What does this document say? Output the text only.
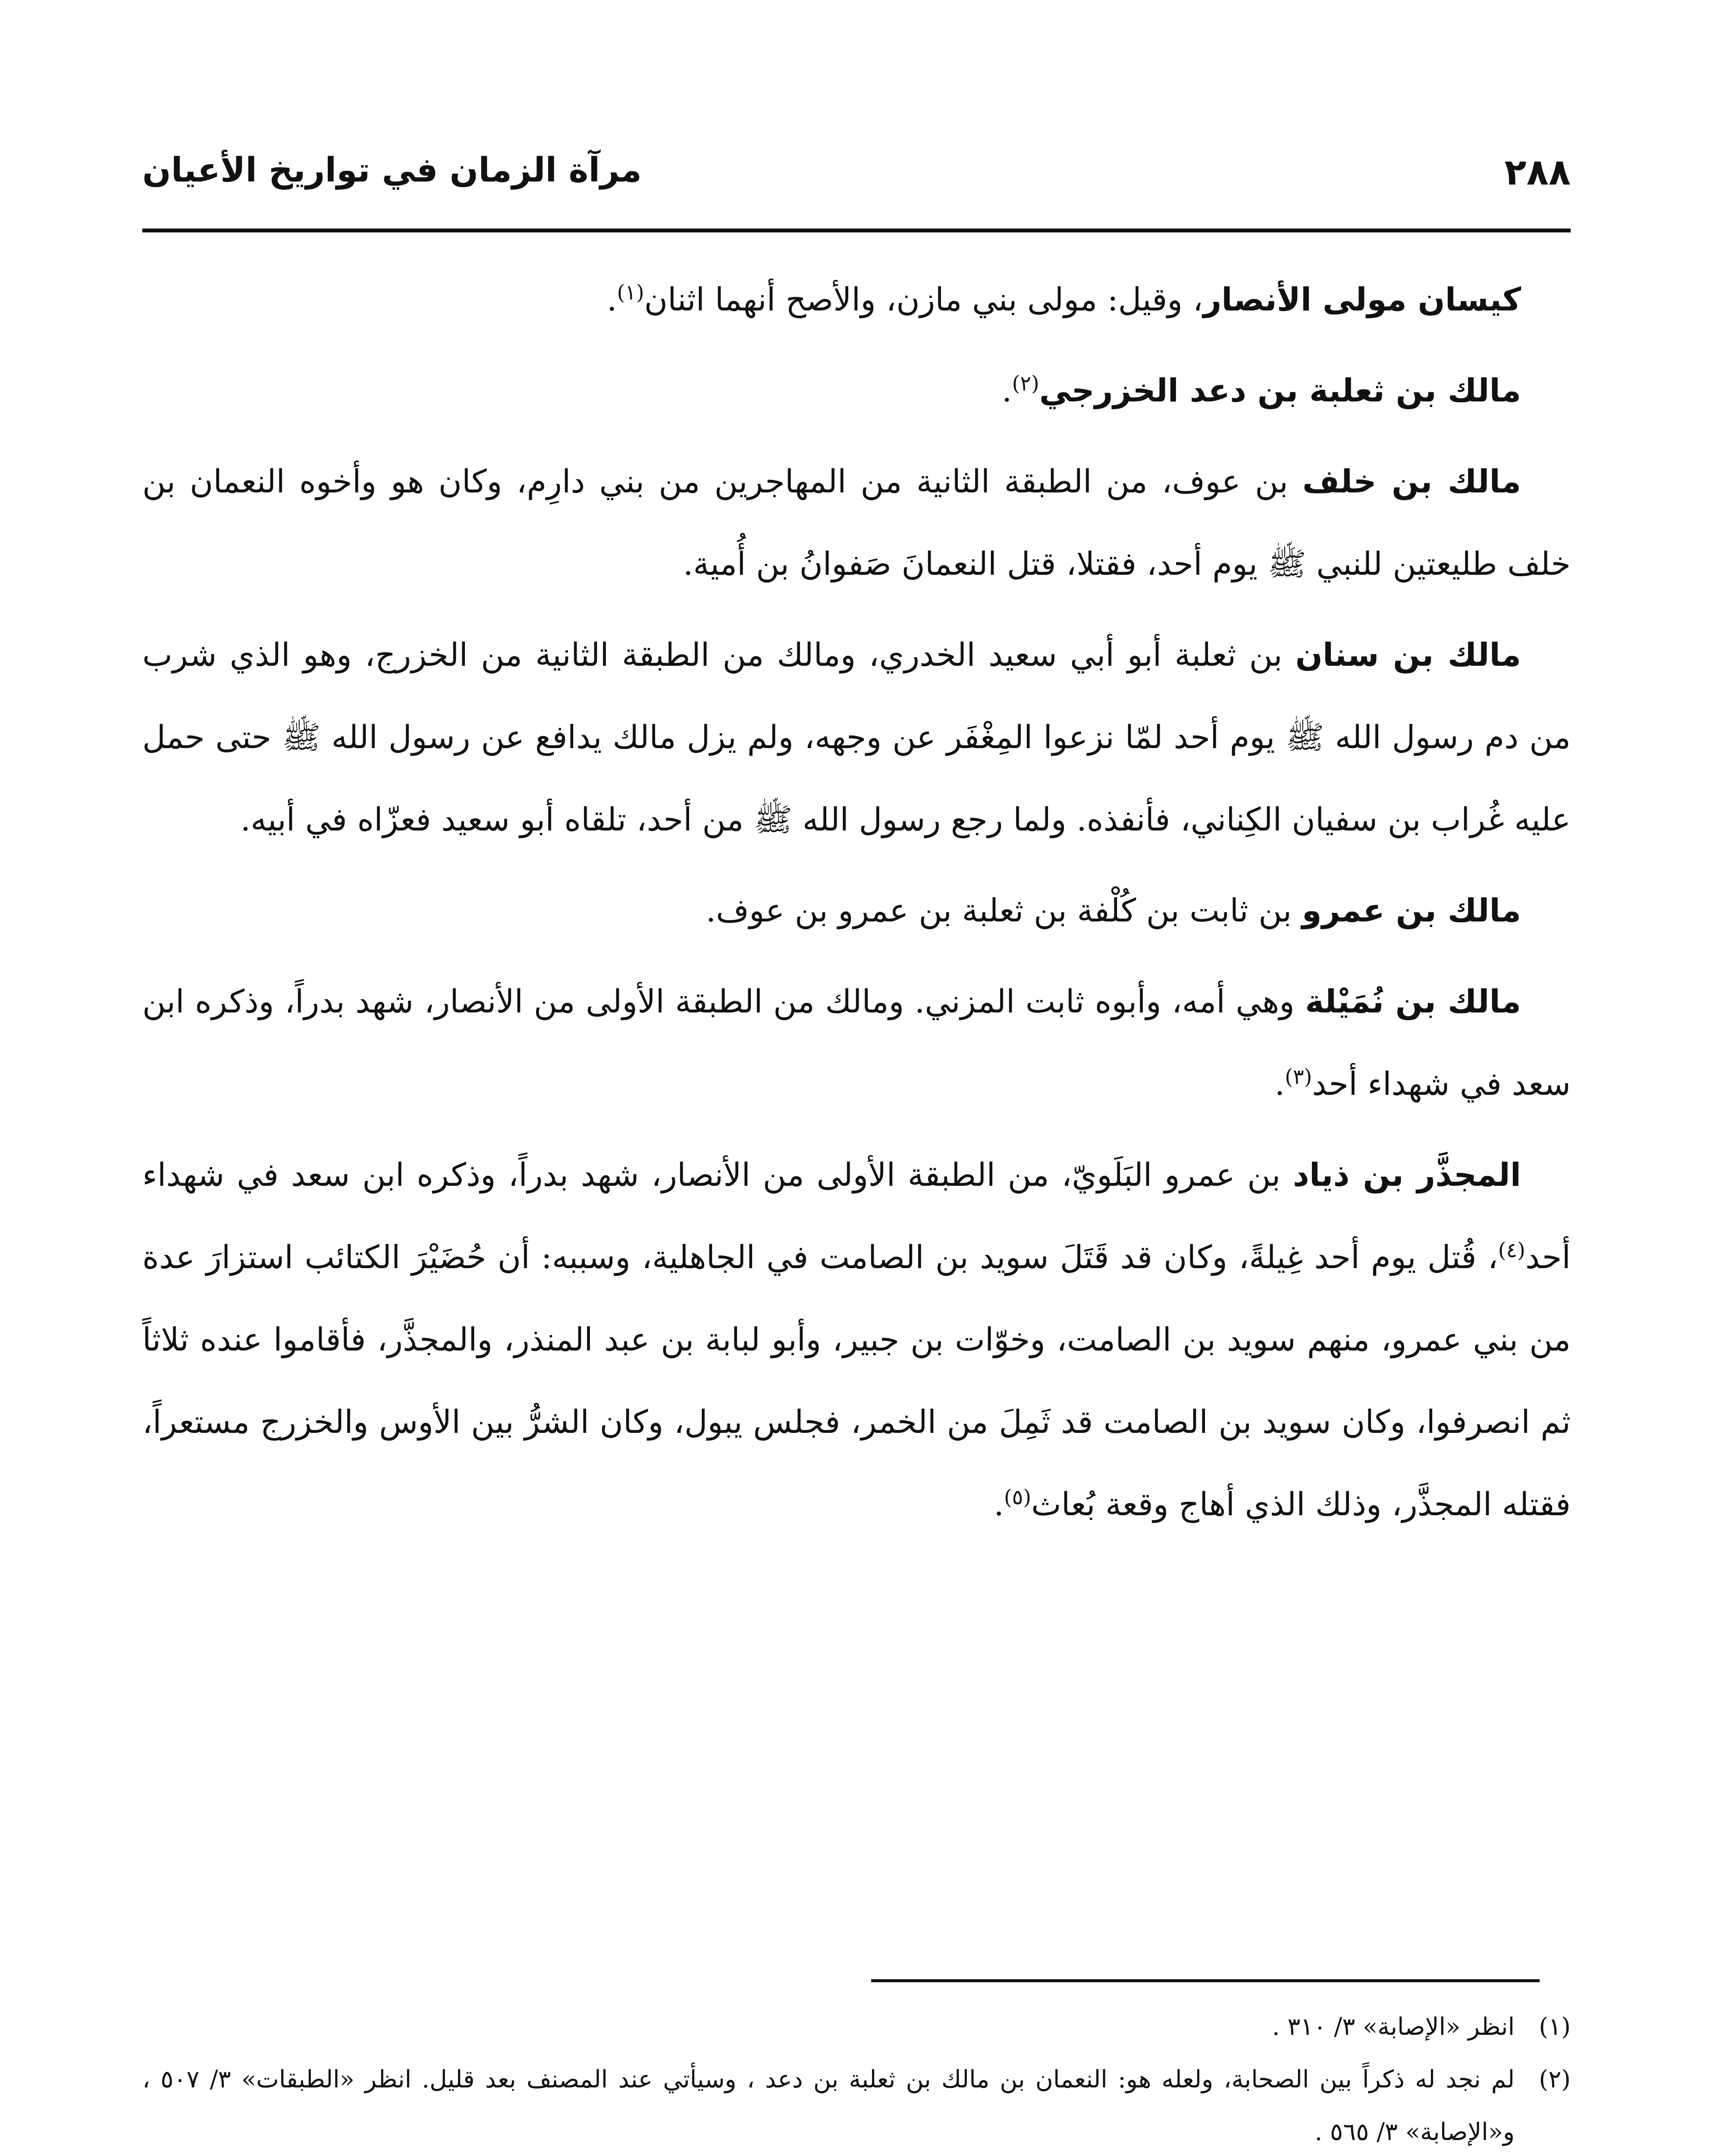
٢٨٨
مرآة الزمان في تواريخ الأعيان

كيسان مولى الأنصار، وقيل: مولى بني مازن، والأصح أنهما اثنان$^{(١)}$.

مالك بن ثعلبة بن دعد الخزرجي$^{(٢)}$.

مالك بن خلف بن عوف، من الطبقة الثانية من المهاجرين من بني دارِم، وكان هو وأخوه النعمان بن خلف طليعتين للنبي ﷺ يوم أحد، فقتلا، قتل النعمانَ صَفوانُ بن أُمية.

مالك بن سنان بن ثعلبة أبو أبي سعيد الخدري، ومالك من الطبقة الثانية من الخزرج، وهو الذي شرب من دم رسول الله ﷺ يوم أحد لمّا نزعوا المِغْفَر عن وجهه، ولم يزل مالك يدافع عن رسول الله ﷺ حتى حمل عليه غُراب بن سفيان الكِناني، فأنفذه. ولما رجع رسول الله ﷺ من أحد، تلقاه أبو سعيد فعزّاه في أبيه.

مالك بن عمرو بن ثابت بن كُلْفة بن ثعلبة بن عمرو بن عوف.

مالك بن نُمَيْلة وهي أمه، وأبوه ثابت المزني. ومالك من الطبقة الأولى من الأنصار، شهد بدراً، وذكره ابن سعد في شهداء أحد$^{(٣)}$.

المجذَّر بن ذياد بن عمرو البَلَويّ، من الطبقة الأولى من الأنصار، شهد بدراً، وذكره ابن سعد في شهداء أحد$^{(٤)}$، قُتل يوم أحد غِيلةً، وكان قد قَتَلَ سويد بن الصامت في الجاهلية، وسببه: أن حُضَيْرَ الكتائب استزارَ عدة من بني عمرو، منهم سويد بن الصامت، وخوّات بن جبير، وأبو لبابة بن عبد المنذر، والمجذَّر، فأقاموا عنده ثلاثاً ثم انصرفوا، وكان سويد بن الصامت قد ثَمِلَ من الخمر، فجلس يبول، وكان الشرُّ بين الأوس والخزرج مستعراً، فقتله المجذَّر، وذلك الذي أهاج وقعة بُعاث$^{(٥)}$.

(١)
انظر «الإصابة» ٣/ ٣١٠ .

(٢)
لم نجد له ذكراً بين الصحابة، ولعله هو: النعمان بن مالك بن ثعلبة بن دعد ، وسيأتي عند المصنف بعد قليل. انظر «الطبقات» ٣/ ٥٠٧ ، و«الإصابة» ٣/ ٥٦٥ .
